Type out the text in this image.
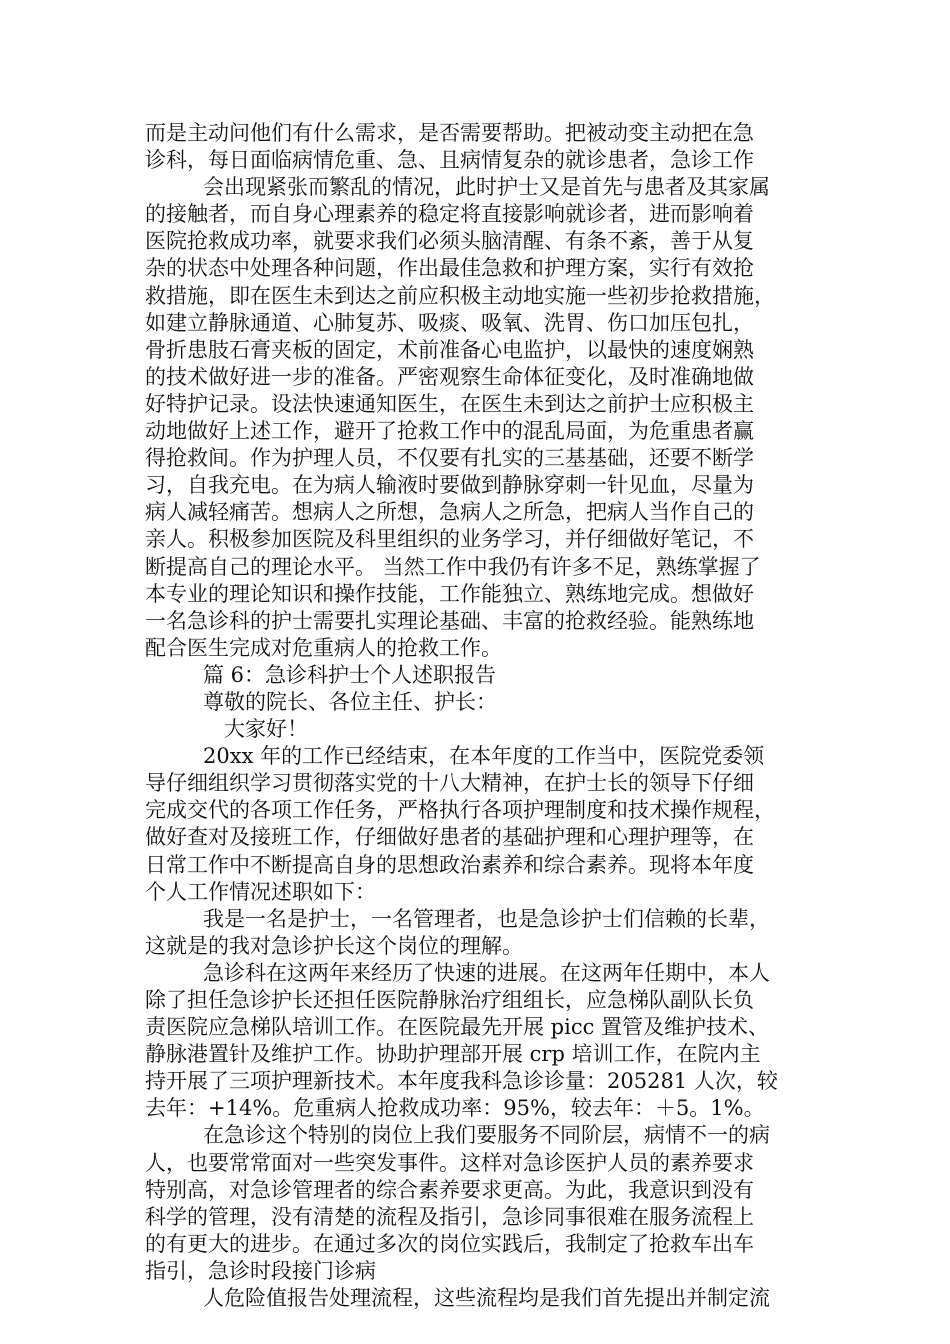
而是主动问他们有什么需求，是否需要帮助。把被动变主动把在急
诊科，每日面临病情危重、急、且病情复杂的就诊患者，急诊工作
会出现紧张而繁乱的情况，此时护士又是首先与患者及其家属
的接触者，而自身心理素养的稳定将直接影响就诊者，进而影响着
医院抢救成功率，就要求我们必须头脑清醒、有条不紊，善于从复
杂的状态中处理各种问题，作出最佳急救和护理方案，实行有效抢
救措施，即在医生未到达之前应积极主动地实施一些初步抢救措施，
如建立静脉通道、心肺复苏、吸痰、吸氧、洗胃、伤口加压包扎，
骨折患肢石膏夹板的固定，术前准备心电监护，以最快的速度娴熟
的技术做好进一步的准备。严密观察生命体征变化，及时准确地做
好特护记录。设法快速通知医生，在医生未到达之前护士应积极主
动地做好上述工作，避开了抢救工作中的混乱局面，为危重患者赢
得抢救间。作为护理人员，不仅要有扎实的三基基础，还要不断学
习，自我充电。在为病人输液时要做到静脉穿刺一针见血，尽量为
病人减轻痛苦。想病人之所想，急病人之所急，把病人当作自己的
亲人。积极参加医院及科里组织的业务学习，并仔细做好笔记，不
断提高自己的理论水平。 当然工作中我仍有许多不足，熟练掌握了
本专业的理论知识和操作技能，工作能独立、熟练地完成。想做好
一名急诊科的护士需要扎实理论基础、丰富的抢救经验。能熟练地
配合医生完成对危重病人的抢救工作。
篇 6：急诊科护士个人述职报告
尊敬的院长、各位主任、护长：
大家好！
20xx 年的工作已经结束，在本年度的工作当中，医院党委领
导仔细组织学习贯彻落实党的十八大精神，在护士长的领导下仔细
完成交代的各项工作任务，严格执行各项护理制度和技术操作规程，
做好查对及接班工作，仔细做好患者的基础护理和心理护理等，在
日常工作中不断提高自身的思想政治素养和综合素养。现将本年度
个人工作情况述职如下：
我是一名是护士，一名管理者，也是急诊护士们信赖的长辈，
这就是的我对急诊护长这个岗位的理解。
急诊科在这两年来经历了快速的进展。在这两年任期中，本人
除了担任急诊护长还担任医院静脉治疗组组长，应急梯队副队长负
责医院应急梯队培训工作。在医院最先开展 picc 置管及维护技术、
静脉港置针及维护工作。协助护理部开展 crp 培训工作，在院内主
持开展了三项护理新技术。本年度我科急诊诊量：205281 人次，较
去年：+14%。危重病人抢救成功率：95%，较去年：＋5。1%。
在急诊这个特别的岗位上我们要服务不同阶层，病情不一的病
人，也要常常面对一些突发事件。这样对急诊医护人员的素养要求
特别高，对急诊管理者的综合素养要求更高。为此，我意识到没有
科学的管理，没有清楚的流程及指引，急诊同事很难在服务流程上
的有更大的进步。在通过多次的岗位实践后，我制定了抢救车出车
指引，急诊时段接门诊病
人危险值报告处理流程，这些流程均是我们首先提出并制定流
